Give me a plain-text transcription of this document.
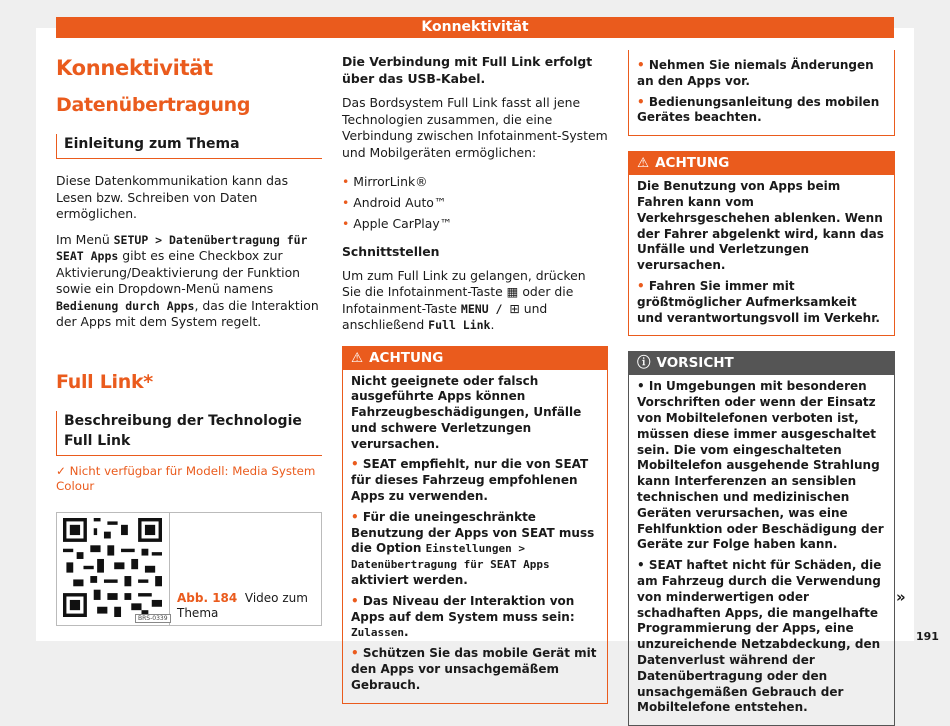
Konnektivität
Konnektivität
Datenübertragung
Einleitung zum Thema

Diese Datenkommunikation kann das Lesen bzw. Schreiben von Daten ermöglichen.

Im Menü SETUP > Datenübertragung für SEAT Apps gibt es eine Checkbox zur Aktivierung/Deaktivierung der Funktion sowie ein Dropdown-Menü namens Bedienung durch Apps, das die Interaktion der Apps mit dem System regelt.

Full Link*
Beschreibung der Technologie Full Link
✓ Nicht verfügbar für Modell: Media System Colour
BRS-0339
Abb. 184 Video zum Thema

Die Verbindung mit Full Link erfolgt über das USB-Kabel.

Das Bordsystem Full Link fasst all jene Technologien zusammen, die eine Verbindung zwischen Infotainment-System und Mobilgeräten ermöglichen:

• MirrorLink®
• Android Auto™
• Apple CarPlay™

Schnittstellen

Um zum Full Link zu gelangen, drücken Sie die Infotainment-Taste ▦ oder die Infotainment-Taste MENU / ⊞ und anschließend Full Link.

⚠ ACHTUNG

Nicht geeignete oder falsch ausgeführte Apps können Fahrzeugbeschädigungen, Unfälle und schwere Verletzungen verursachen.

• SEAT empfiehlt, nur die von SEAT für dieses Fahrzeug empfohlenen Apps zu verwenden.

• Für die uneingeschränkte Benutzung der Apps von SEAT muss die Option Einstellungen > Datenübertragung für SEAT Apps aktiviert werden.

• Das Niveau der Interaktion von Apps auf dem System muss sein: Zulassen.

• Schützen Sie das mobile Gerät mit den Apps vor unsachgemäßem Gebrauch.

• Nehmen Sie niemals Änderungen an den Apps vor.

• Bedienungsanleitung des mobilen Gerätes beachten.

⚠ ACHTUNG

Die Benutzung von Apps beim Fahren kann vom Verkehrsgeschehen ablenken. Wenn der Fahrer abgelenkt wird, kann das Unfälle und Verletzungen verursachen.

• Fahren Sie immer mit größtmöglicher Aufmerksamkeit und verantwortungsvoll im Verkehr.

ⓘ VORSICHT

• In Umgebungen mit besonderen Vorschriften oder wenn der Einsatz von Mobiltelefonen verboten ist, müssen diese immer ausgeschaltet sein. Die vom eingeschalteten Mobiltelefon ausgehende Strahlung kann Interferenzen an sensiblen technischen und medizinischen Geräten verursachen, was eine Fehlfunktion oder Beschädigung der Geräte zur Folge haben kann.

• SEAT haftet nicht für Schäden, die am Fahrzeug durch die Verwendung von minderwertigen oder schadhaften Apps, die mangelhafte Programmierung der Apps, eine unzureichende Netzabdeckung, den Datenverlust während der Datenübertragung oder den unsachgemäßen Gebrauch der Mobiltelefone entstehen.

»
191
